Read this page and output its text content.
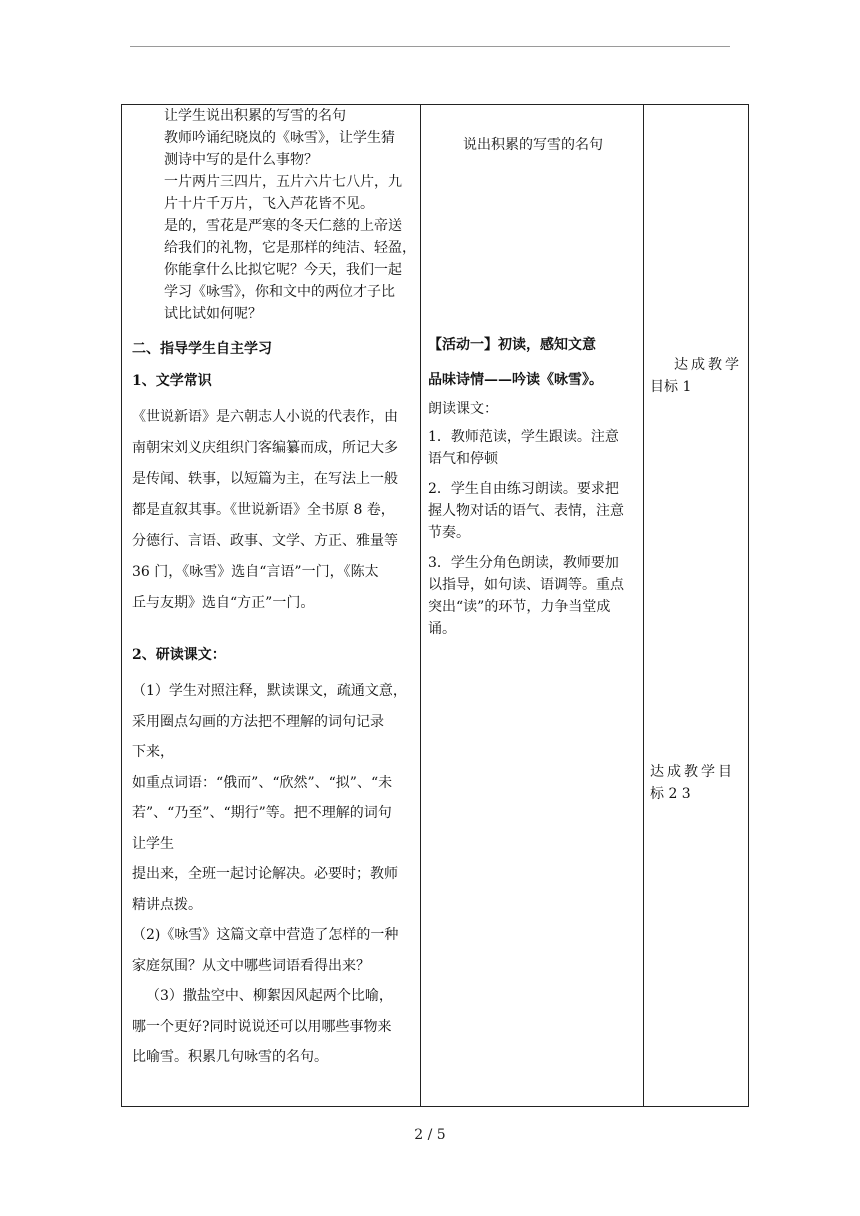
让学生说出积累的写雪的名句
教师吟诵纪晓岚的《咏雪》，让学生猜
测诗中写的是什么事物？
一片两片三四片，五片六片七八片，九
片十片千万片，飞入芦花皆不见。
是的，雪花是严寒的冬天仁慈的上帝送
给我们的礼物，它是那样的纯洁、轻盈，
你能拿什么比拟它呢？今天，我们一起
学习《咏雪》，你和文中的两位才子比
试比试如何呢？
二、指导学生自主学习
1、文学常识
《世说新语》是六朝志人小说的代表作，由
南朝宋刘义庆组织门客编纂而成，所记大多
是传闻、轶事，以短篇为主，在写法上一般
都是直叙其事。《世说新语》全书原 8 卷，
分德行、言语、政事、文学、方正、雅量等
36 门，《咏雪》选自“言语”一门，《陈太
丘与友期》选自“方正”一门。
2、研读课文：
（1）学生对照注释，默读课文，疏通文意，
采用圈点勾画的方法把不理解的词句记录
下来，
如重点词语：“俄而”、“欣然”、“拟”、“未
若”、“乃至”、“期行”等。把不理解的词句
让学生
提出来，全班一起讨论解决。必要时；教师
精讲点拨。
（2)《咏雪》这篇文章中营造了怎样的一种
家庭氛围？从文中哪些词语看得出来？
（3）撒盐空中、柳絮因风起两个比喻，
哪一个更好?同时说说还可以用哪些事物来
比喻雪。积累几句咏雪的名句。
说出积累的写雪的名句
【活动一】初读，感知文意
品味诗情——吟读《咏雪》。
朗读课文：
1．教师范读，学生跟读。注意
语气和停顿
2．学生自由练习朗读。要求把
握人物对话的语气、表情，注意
节奏。
3．学生分角色朗读，教师要加
以指导，如句读、语调等。重点
突出“读”的环节，力争当堂成
诵。
达成教学
目标 1
达成教学目
标 2 3
2 / 5
